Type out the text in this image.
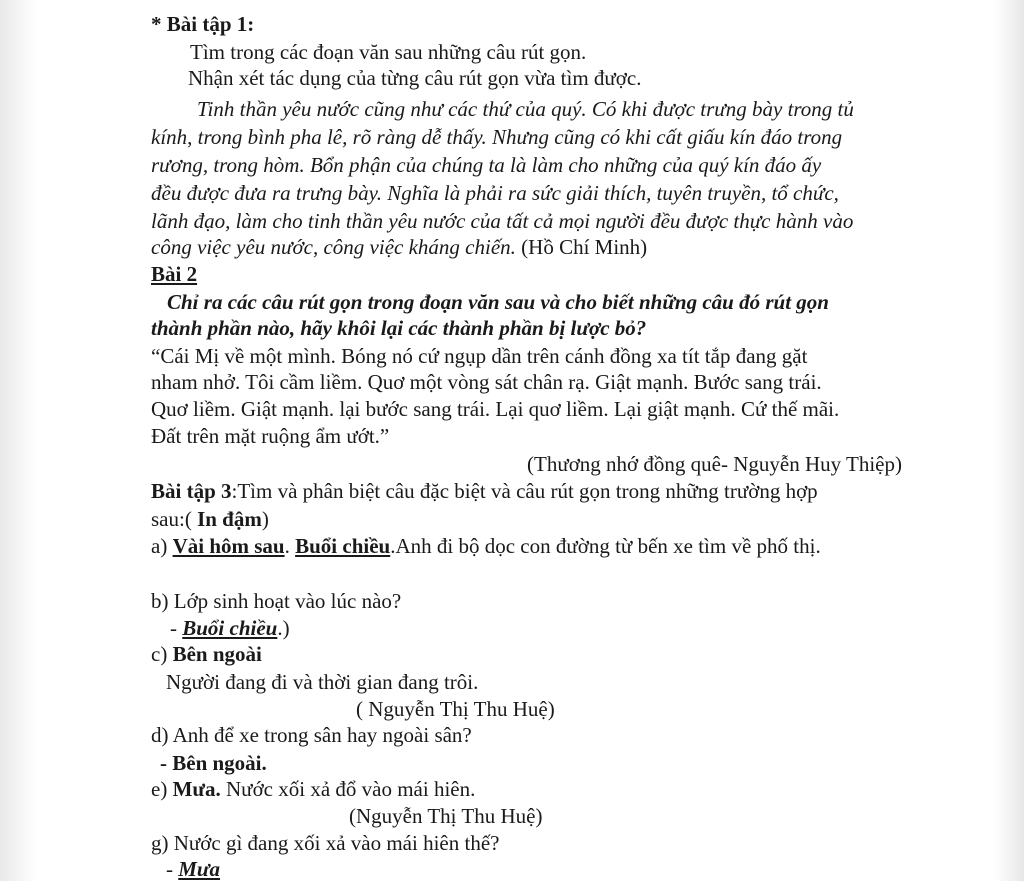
* Bài tập 1:
Tìm trong các đoạn văn sau những câu rút gọn.
Nhận xét tác dụng của từng câu rút gọn vừa tìm được.
Tinh thần yêu nước cũng như các thứ của quý. Có khi được trưng bày trong tủ
kính, trong bình pha lê, rõ ràng dễ thấy. Nhưng cũng có khi cất giấu kín đáo trong
rương, trong hòm. Bổn phận của chúng ta là làm cho những của quý kín đáo ấy
đều được đưa ra trưng bày. Nghĩa là phải ra sức giải thích, tuyên truyền, tổ chức,
lãnh đạo, làm cho tinh thần yêu nước của tất cả mọi người đều được thực hành vào
công việc yêu nước, công việc kháng chiến. (Hồ Chí Minh)
Bài 2
Chỉ ra các câu rút gọn trong đoạn văn sau và cho biết những câu đó rút gọn
thành phần nào, hãy khôi lại các thành phần bị lược bỏ?
“Cái Mị về một mình. Bóng nó cứ ngụp dần trên cánh đồng xa tít tắp đang gặt
nham nhở. Tôi cầm liềm. Quơ một vòng sát chân rạ. Giật mạnh. Bước sang trái.
Quơ liềm. Giật mạnh. lại bước sang trái. Lại quơ liềm. Lại giật mạnh. Cứ thế mãi.
Đất trên mặt ruộng ẩm ướt.”
(Thương nhớ đồng quê- Nguyễn Huy Thiệp)
Bài tập 3:Tìm và phân biệt câu đặc biệt và câu rút gọn trong những trường hợp
sau:( In đậm)
a) Vài hôm sau. Buổi chiều.Anh đi bộ dọc con đường từ bến xe tìm về phố thị.
b) Lớp sinh hoạt vào lúc nào?
- Buổi chiều.)
c) Bên ngoài
Người đang đi và thời gian đang trôi.
( Nguyễn Thị Thu Huệ)
d) Anh để xe trong sân hay ngoài sân?
- Bên ngoài.
e) Mưa. Nước xối xả đổ vào mái hiên.
(Nguyễn Thị Thu Huệ)
g) Nước gì đang xối xả vào mái hiên thế?
- Mưa
